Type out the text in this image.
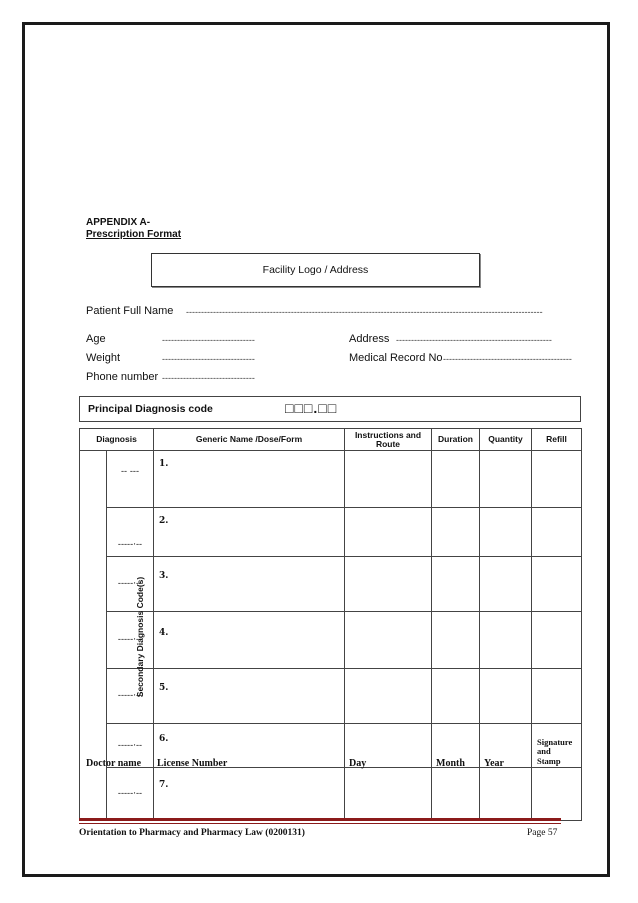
APPENDIX A-
Prescription Format
Facility Logo / Address
Patient Full Name -----------------------------------------------------------------------------------------------------------------------
Age	-------------------------------
Weight	-------------------------------
Phone number -------------------------------
Address ----------------------------------------------------
Medical Record No -------------------------------------------
Principal Diagnosis code	□□□.□□
Diagnosis		Generic Name /Dose/Form	Instructions and Route	Duration	Quantity	Refill
Secondary Diagnosis Code(s)	-- ---	1.				
	-----·--	2.				
	-----·--	3.				
	-----·--	4.				
	-----·--	5.				
	-----·--	6.				
	-----·--	7.				
Doctor name License Number	Day	Month Year
Signature
and
Stamp
Orientation to Pharmacy and Pharmacy Law (0200131)	Page 57
